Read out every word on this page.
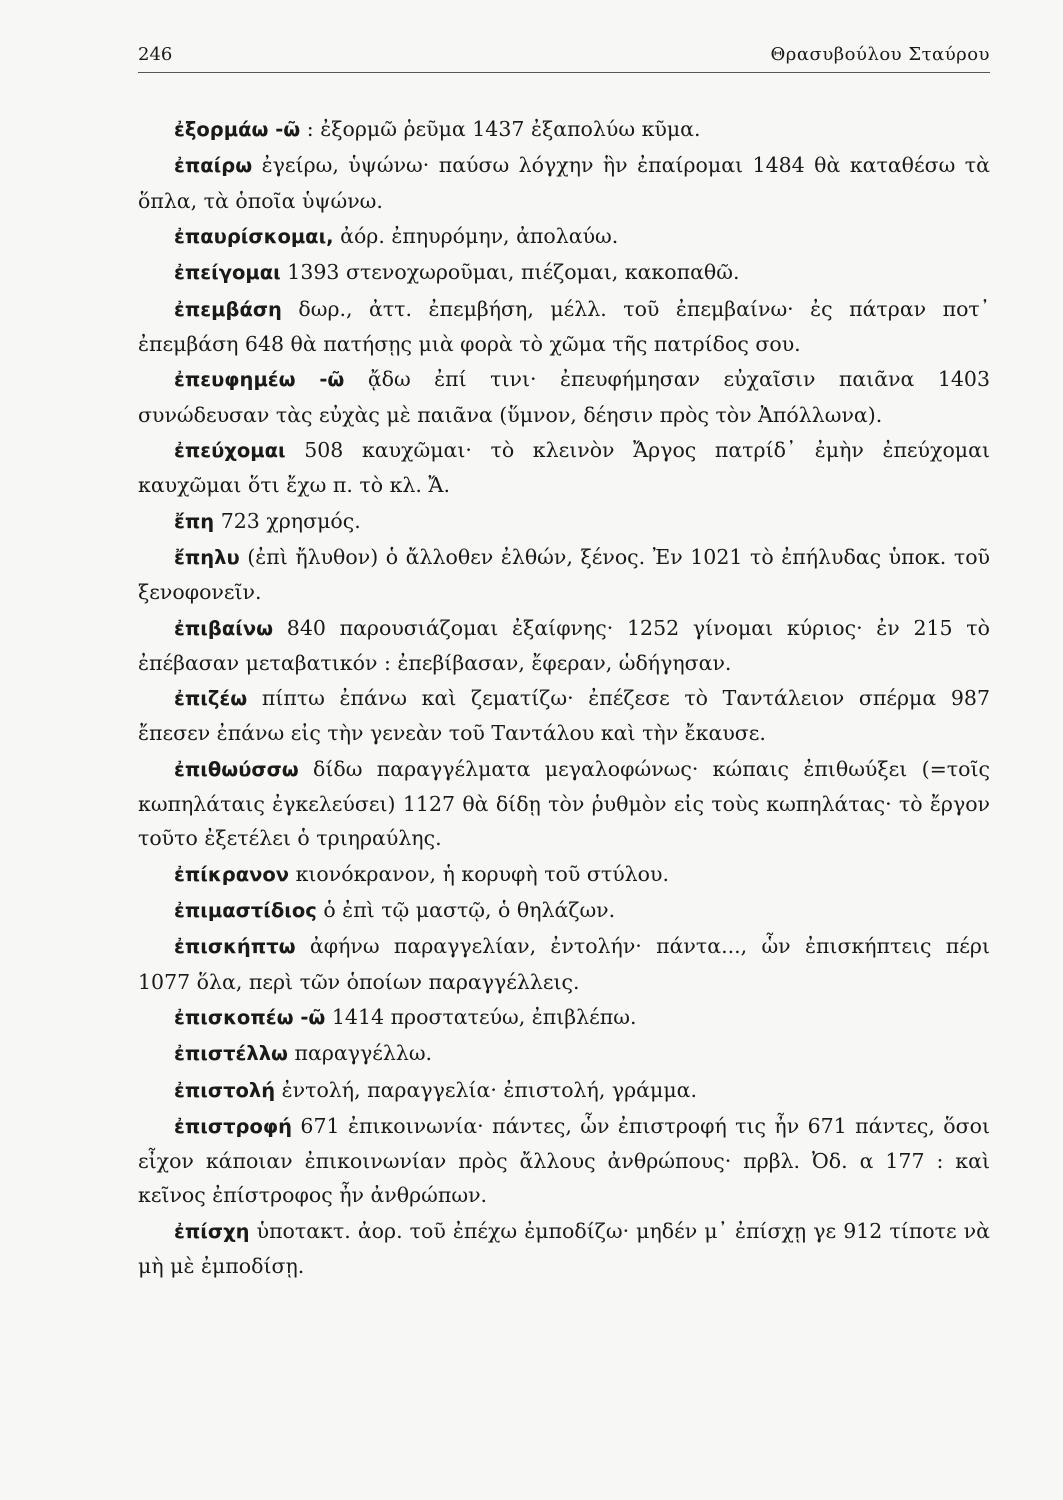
246	Θρασυβούλου Σταύρου

ἐξορμάω -ῶ : ἐξορμῶ ῥεῦμα 1437 ἐξαπολύω κῦμα.

ἐπαίρω ἐγείρω, ὑψώνω· παύσω λόγχην ἣν ἐπαίρομαι 1484 θὰ καταθέσω τὰ ὅπλα, τὰ ὁποῖα ὑψώνω.

ἐπαυρίσκομαι, ἀόρ. ἐπηυρόμην, ἀπολαύω.

ἐπείγομαι 1393 στενοχωροῦμαι, πιέζομαι, κακοπαθῶ.

ἐπεμβάση δωρ., ἀττ. ἐπεμβήση, μέλλ. τοῦ ἐπεμβαίνω· ἐς πάτραν ποτ᾽ ἐπεμβάση 648 θὰ πατήσῃς μιὰ φορὰ τὸ χῶμα τῆς πατρίδος σου.

ἐπευφημέω -ῶ ᾄδω ἐπί τινι· ἐπευφήμησαν εὐχαῖσιν παιᾶνα 1403 συνώδευσαν τὰς εὐχὰς μὲ παιᾶνα (ὕμνον, δέησιν πρὸς τὸν Ἀπόλλωνα).

ἐπεύχομαι 508 καυχῶμαι· τὸ κλεινὸν Ἄργος πατρίδ᾽ ἐμὴν ἐπεύχομαι καυχῶμαι ὅτι ἔχω π. τὸ κλ. Ἄ.

ἔπη 723 χρησμός.

ἔπηλυ (ἐπὶ ἤλυθον) ὁ ἄλλοθεν ἐλθών, ξένος. Ἐν 1021 τὸ ἐπήλυδας ὑποκ. τοῦ ξενοφονεῖν.

ἐπιβαίνω 840 παρουσιάζομαι ἐξαίφνης· 1252 γίνομαι κύριος· ἐν 215 τὸ ἐπέβασαν μεταβατικόν : ἐπεβίβασαν, ἔφεραν, ὡδήγησαν.

ἐπιζέω πίπτω ἐπάνω καὶ ζεματίζω· ἐπέζεσε τὸ Ταντάλειον σπέρμα 987 ἔπεσεν ἐπάνω εἰς τὴν γενεὰν τοῦ Ταντάλου καὶ τὴν ἔκαυσε.

ἐπιθωύσσω δίδω παραγγέλματα μεγαλοφώνως· κώπαις ἐπιθωύξει (=τοῖς κωπηλάταις ἐγκελεύσει) 1127 θὰ δίδῃ τὸν ῥυθμὸν εἰς τοὺς κωπηλάτας· τὸ ἔργον τοῦτο ἐξετέλει ὁ τριηραύλης.

ἐπίκρανον κιονόκρανον, ἡ κορυφὴ τοῦ στύλου.

ἐπιμαστίδιος ὁ ἐπὶ τῷ μαστῷ, ὁ θηλάζων.

ἐπισκήπτω ἀφήνω παραγγελίαν, ἐντολήν· πάντα..., ὧν ἐπισκήπτεις πέρι 1077 ὅλα, περὶ τῶν ὁποίων παραγγέλλεις.

ἐπισκοπέω -ῶ 1414 προστατεύω, ἐπιβλέπω.

ἐπιστέλλω παραγγέλλω.

ἐπιστολή ἐντολή, παραγγελία· ἐπιστολή, γράμμα.

ἐπιστροφή 671 ἐπικοινωνία· πάντες, ὧν ἐπιστροφή τις ἦν 671 πάντες, ὅσοι εἶχον κάποιαν ἐπικοινωνίαν πρὸς ἄλλους ἀνθρώπους· πρβλ. Ὀδ. α 177 : καὶ κεῖνος ἐπίστροφος ἦν ἀνθρώπων.

ἐπίσχη ὑποτακτ. ἀορ. τοῦ ἐπέχω ἐμποδίζω· μηδέν μ᾽ ἐπίσχῃ γε 912 τίποτε νὰ μὴ μὲ ἐμποδίσῃ.
